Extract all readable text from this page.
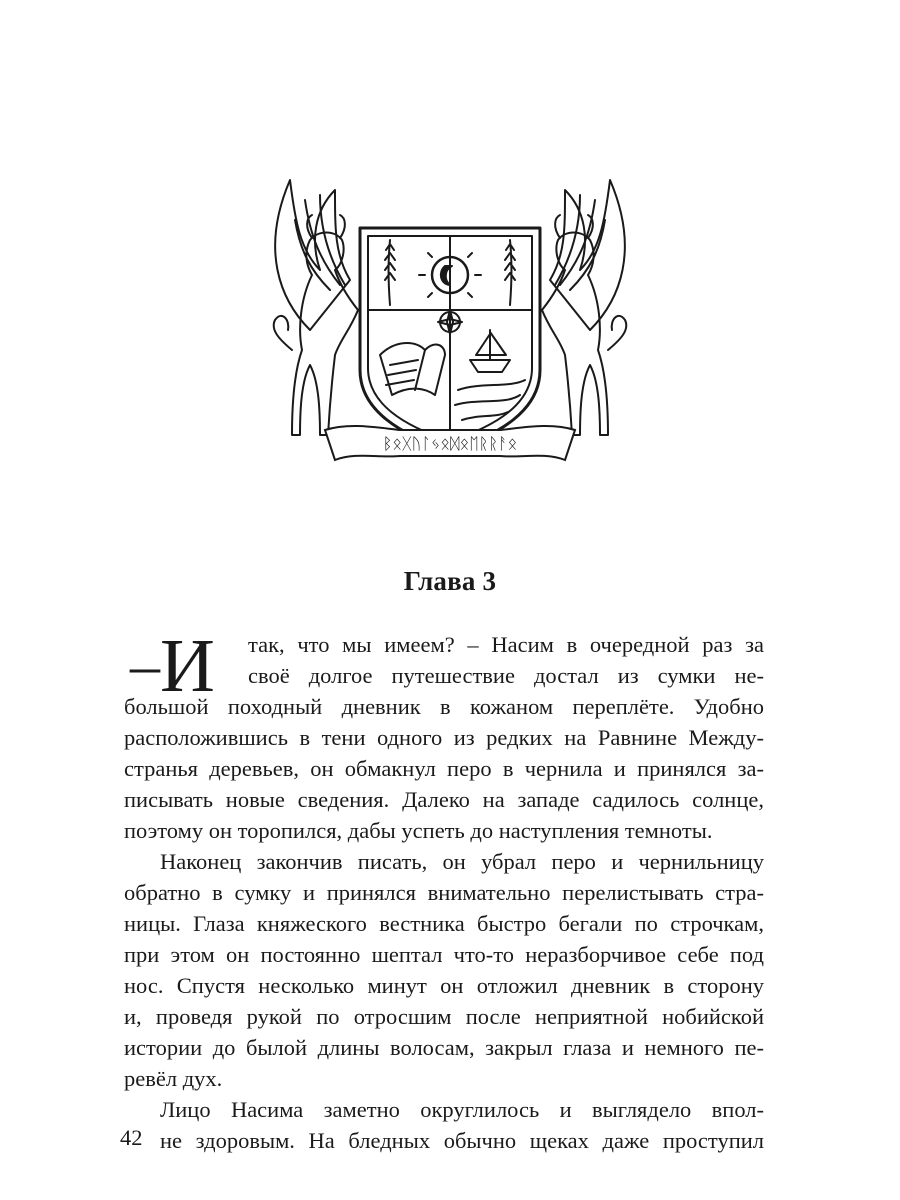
ᛒᛟᚷᚢᛚᛃᛟᛞᛟᛖᚱᚱᚨᛟ
Глава 3
– И так, что мы имеем? – Насим в очередной раз за
своё долгое путешествие достал из сумки не-
большой походный дневник в кожаном переплёте. Удобно
расположившись в тени одного из редких на Равнине Между-
странья деревьев, он обмакнул перо в чернила и принялся за-
писывать новые сведения. Далеко на западе садилось солнце,
поэтому он торопился, дабы успеть до наступления темноты.
Наконец закончив писать, он убрал перо и чернильницу
обратно в сумку и принялся внимательно перелистывать стра-
ницы. Глаза княжеского вестника быстро бегали по строчкам,
при этом он постоянно шептал что-то неразборчивое себе под
нос. Спустя несколько минут он отложил дневник в сторону
и, проведя рукой по отросшим после неприятной нобийской
истории до былой длины волосам, закрыл глаза и немного пе-
ревёл дух.
Лицо Насима заметно округлилось и выглядело впол-
не здоровым. На бледных обычно щеках даже проступил
42
